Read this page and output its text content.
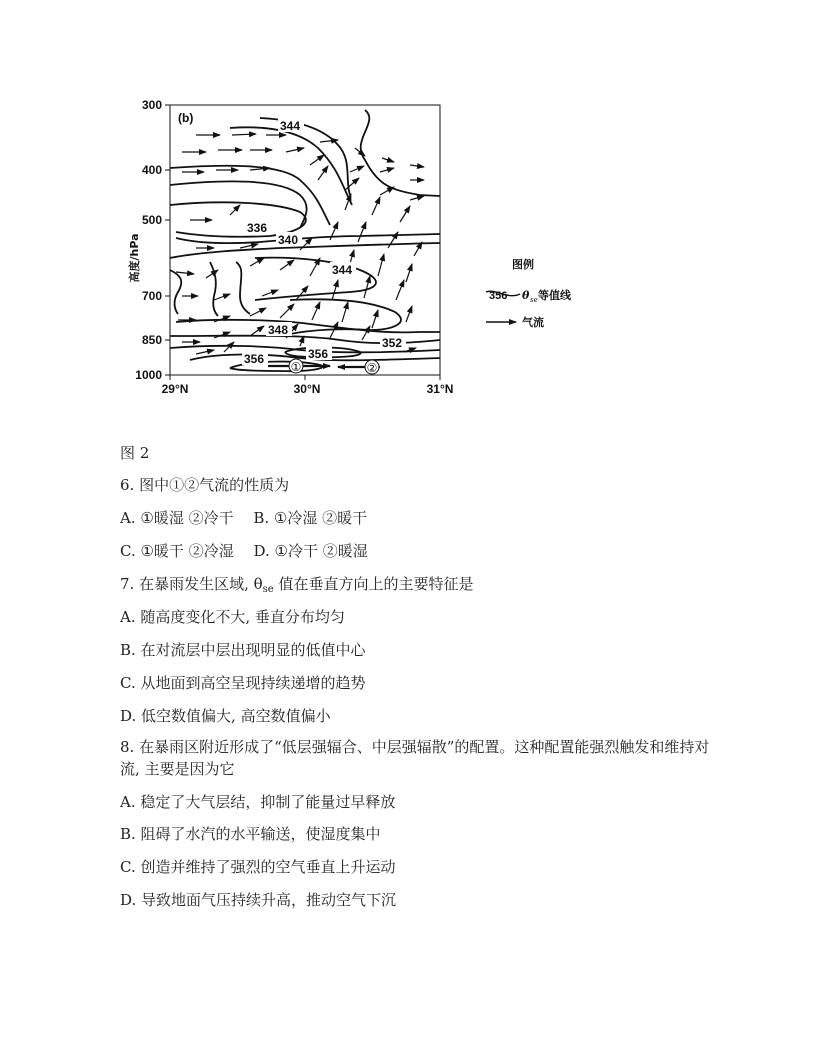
①	②
344
336
340
344
348
352
356	356
(b)
300
400
500
700
850
1000
高度/hPa
29°N	30°N	31°N
图例
356 θ se 等值线
气流

图 2

6. 图中①②气流的性质为

A. ①暖湿 ②冷干　 B. ①冷湿 ②暖干

C. ①暖干 ②冷湿　 D. ①冷干 ②暖湿

7. 在暴雨发生区域, $\theta_{se}$ 值在垂直方向上的主要特征是

A. 随高度变化不大, 垂直分布均匀

B. 在对流层中层出现明显的低值中心

C. 从地面到高空呈现持续递增的趋势

D. 低空数值偏大, 高空数值偏小

8. 在暴雨区附近形成了“低层强辐合、中层强辐散”的配置。这种配置能强烈触发和维持对流, 主要是因为它

A. 稳定了大气层结，抑制了能量过早释放

B. 阻碍了水汽的水平输送，使湿度集中

C. 创造并维持了强烈的空气垂直上升运动

D. 导致地面气压持续升高，推动空气下沉
